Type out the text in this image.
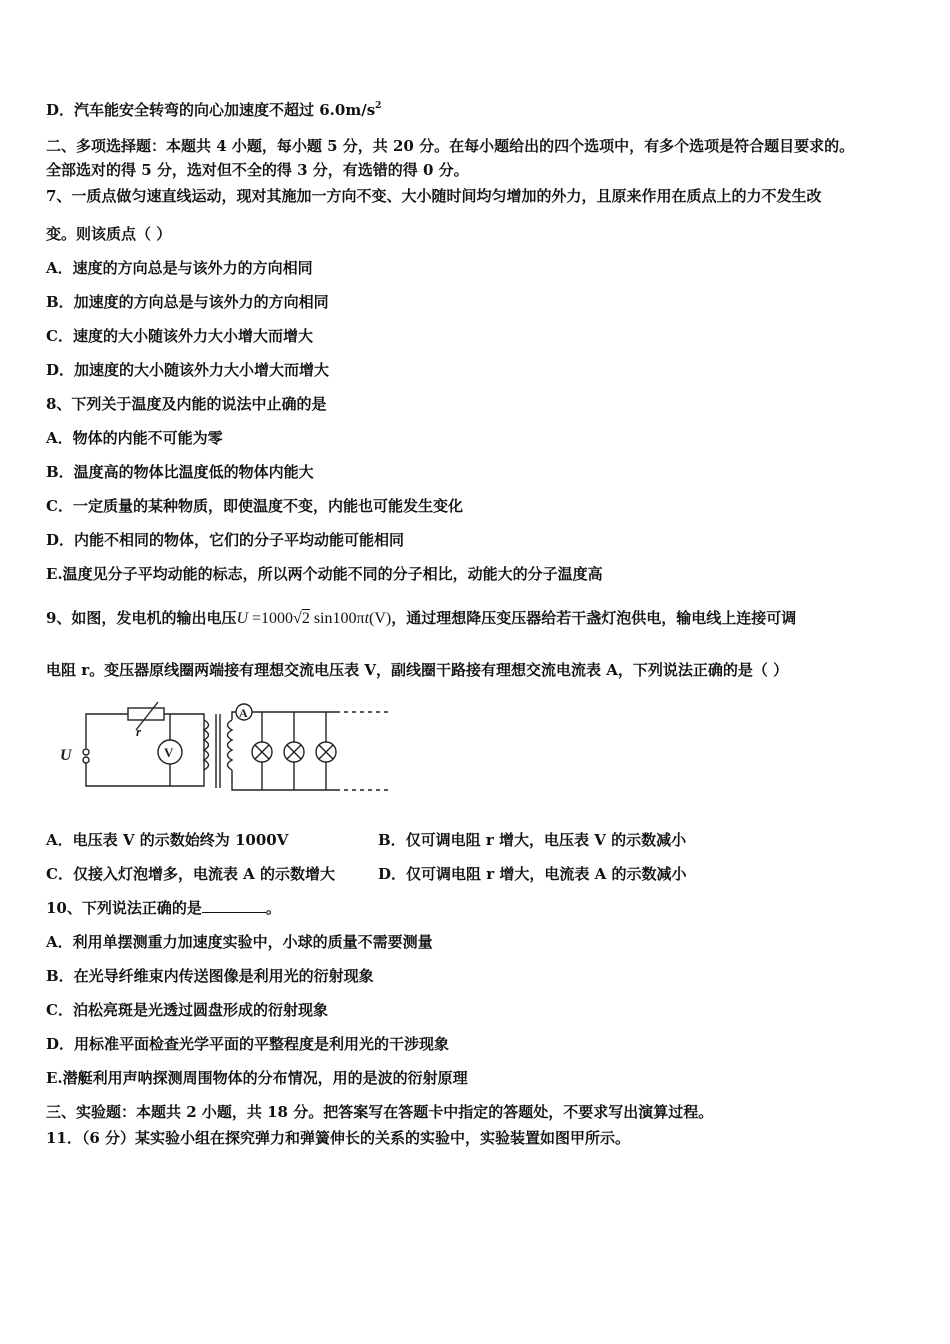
D．汽车能安全转弯的向心加速度不超过 $6.0m/s^2$
二、多项选择题：本题共 4 小题，每小题 5 分，共 20 分。在每小题给出的四个选项中，有多个选项是符合题目要求的。
全部选对的得 5 分，选对但不全的得 3 分，有选错的得 0 分。
7、一质点做匀速直线运动，现对其施加一方向不变、大小随时间均匀增加的外力，且原来作用在质点上的力不发生改
变。则该质点（ ）
A．速度的方向总是与该外力的方向相同
B．加速度的方向总是与该外力的方向相同
C．速度的大小随该外力大小增大而增大
D．加速度的大小随该外力大小增大而增大
8、下列关于温度及内能的说法中止确的是
A．物体的内能不可能为零
B．温度高的物体比温度低的物体内能大
C．一定质量的某种物质，即使温度不变，内能也可能发生变化
D．内能不相同的物体，它们的分子平均动能可能相同
E.温度见分子平均动能的标志，所以两个动能不同的分子相比，动能大的分子温度高
9、如图，发电机的输出电压U =1000√2 sin100πt(V)，通过理想降压变压器给若干盏灯泡供电，输电线上连接可调
电阻 r。变压器原线圈两端接有理想交流电压表 V，副线圈干路接有理想交流电流表 A，下列说法正确的是（ ）
U
r
V
A
A．电压表 V 的示数始终为 1000V	B．仅可调电阻 r 增大，电压表 V 的示数减小
C．仅接入灯泡增多，电流表 A 的示数增大	D．仅可调电阻 r 增大，电流表 A 的示数减小
10、下列说法正确的是	。
A．利用单摆测重力加速度实验中，小球的质量不需要测量
B．在光导纤维束内传送图像是利用光的衍射现象
C．泊松亮斑是光透过圆盘形成的衍射现象
D．用标准平面检查光学平面的平整程度是利用光的干涉现象
E.潜艇利用声呐探测周围物体的分布情况，用的是波的衍射原理
三、实验题：本题共 2 小题，共 18 分。把答案写在答题卡中指定的答题处，不要求写出演算过程。
11．（6 分）某实验小组在探究弹力和弹簧伸长的关系的实验中，实验装置如图甲所示。
